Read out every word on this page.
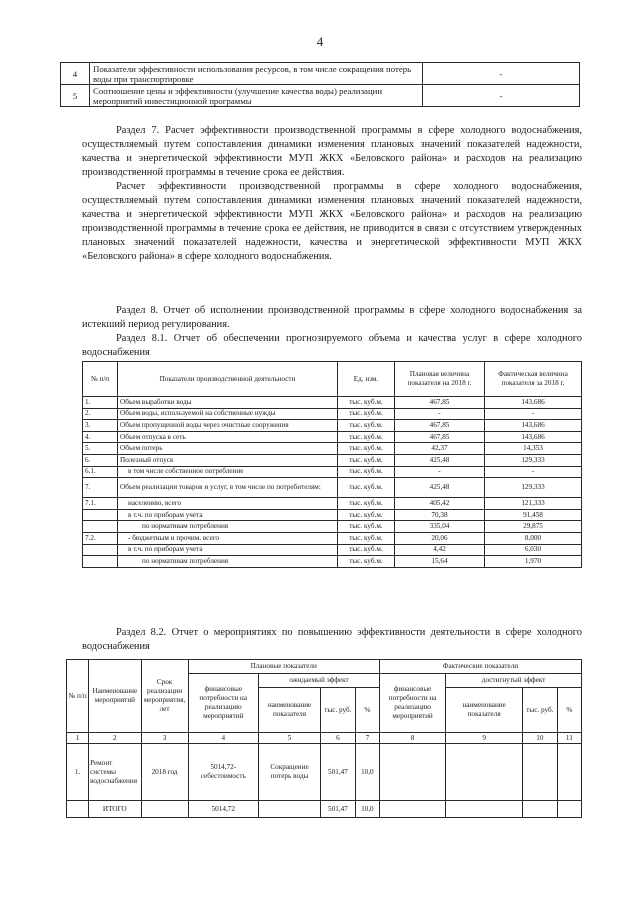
4
4	Показатели эффективности использования ресурсов, в том числе сокращения потерь воды при транспортировке	-
5	Соотношение цены и эффективности (улучшение качества воды) реализации мероприятий инвестиционной программы	-

Раздел 7. Расчет эффективности производственной программы в сфере холодного водоснабжения, осуществляемый путем сопоставления динамики изменения плановых значений показателей надежности, качества и энергетической эффективности МУП ЖКХ «Беловского района» и расходов на реализацию производственной программы в течение срока ее действия.

Расчет эффективности производственной программы в сфере холодного водоснабжения, осуществляемый путем сопоставления динамики изменения плановых значений показателей надежности, качества и энергетической эффективности МУП ЖКХ «Беловского района» и расходов на реализацию производственной программы в течение срока ее действия, не приводится в связи с отсутствием утвержденных плановых значений показателей надежности, качества и энергетической эффективности МУП ЖКХ «Беловского района» в сфере холодного водоснабжения.

Раздел 8. Отчет об исполнении производственной программы в сфере холодного водоснабжения за истекший период регулирования.

Раздел 8.1. Отчет об обеспечении прогнозируемого объема и качества услуг в сфере холодного водоснабжения

№ п/п	Показатели производственной деятельности	Ед. изм.	Плановая величина показателя на 2018 г.	Фактическая величина показателя за 2018 г.
1.	Объем выработки воды	тыс. куб.м.	467,85	143,686
2.	Объем воды, используемой на собственные нужды	тыс. куб.м.	-	-
3.	Объем пропущенной воды через очистные сооружения	тыс. куб.м.	467,85	143,686
4.	Объем отпуска в сеть	тыс. куб.м.	467,85	143,686
5.	Объем потерь	тыс. куб.м.	42,37	14,353
6.	Полезный отпуск	тыс. куб.м.	425,48	129,333
6.1.	в том числе собственное потребление	тыс. куб.м.	-	-
7.	Объем реализации товаров и услуг, в том числе по потребителям:	тыс. куб.м.	425,48	129,333
7.1.	населению, всего	тыс. куб.м.	405,42	121,333
	в т.ч. по приборам учета	тыс. куб.м.	70,38	91,458
	по нормативам потребления	тыс. куб.м.	335,04	29,875
7.2.	- бюджетным и прочим, всего	тыс. куб.м.	20,06	8,000
	в т.ч. по приборам учета	тыс. куб.м.	4,42	6,030
	по нормативам потребления	тыс. куб.м.	15,64	1,970

Раздел 8.2. Отчет о мероприятиях по повышению эффективности деятельности в сфере холодного водоснабжения

№ п/п	Наименование мероприятий	Срок реализации мероприятия, лет	Плановые показатели				Фактические показатели			
			финансовые потребности на реализацию мероприятий	ожидаемый эффект			финансовые потребности на реализацию мероприятий	достигнутый эффект		
				наименование показателя	тыс. руб.	%		наименование показателя	тыс. руб.	%
1	2	3	4	5	6	7	8	9	10	11
1.	Ремонт системы водоснабжения	2018 год	5014,72- себестоимость	Сокращение потерь воды	501,47	10,0				
	ИТОГО		5014,72		501,47	10,0				
